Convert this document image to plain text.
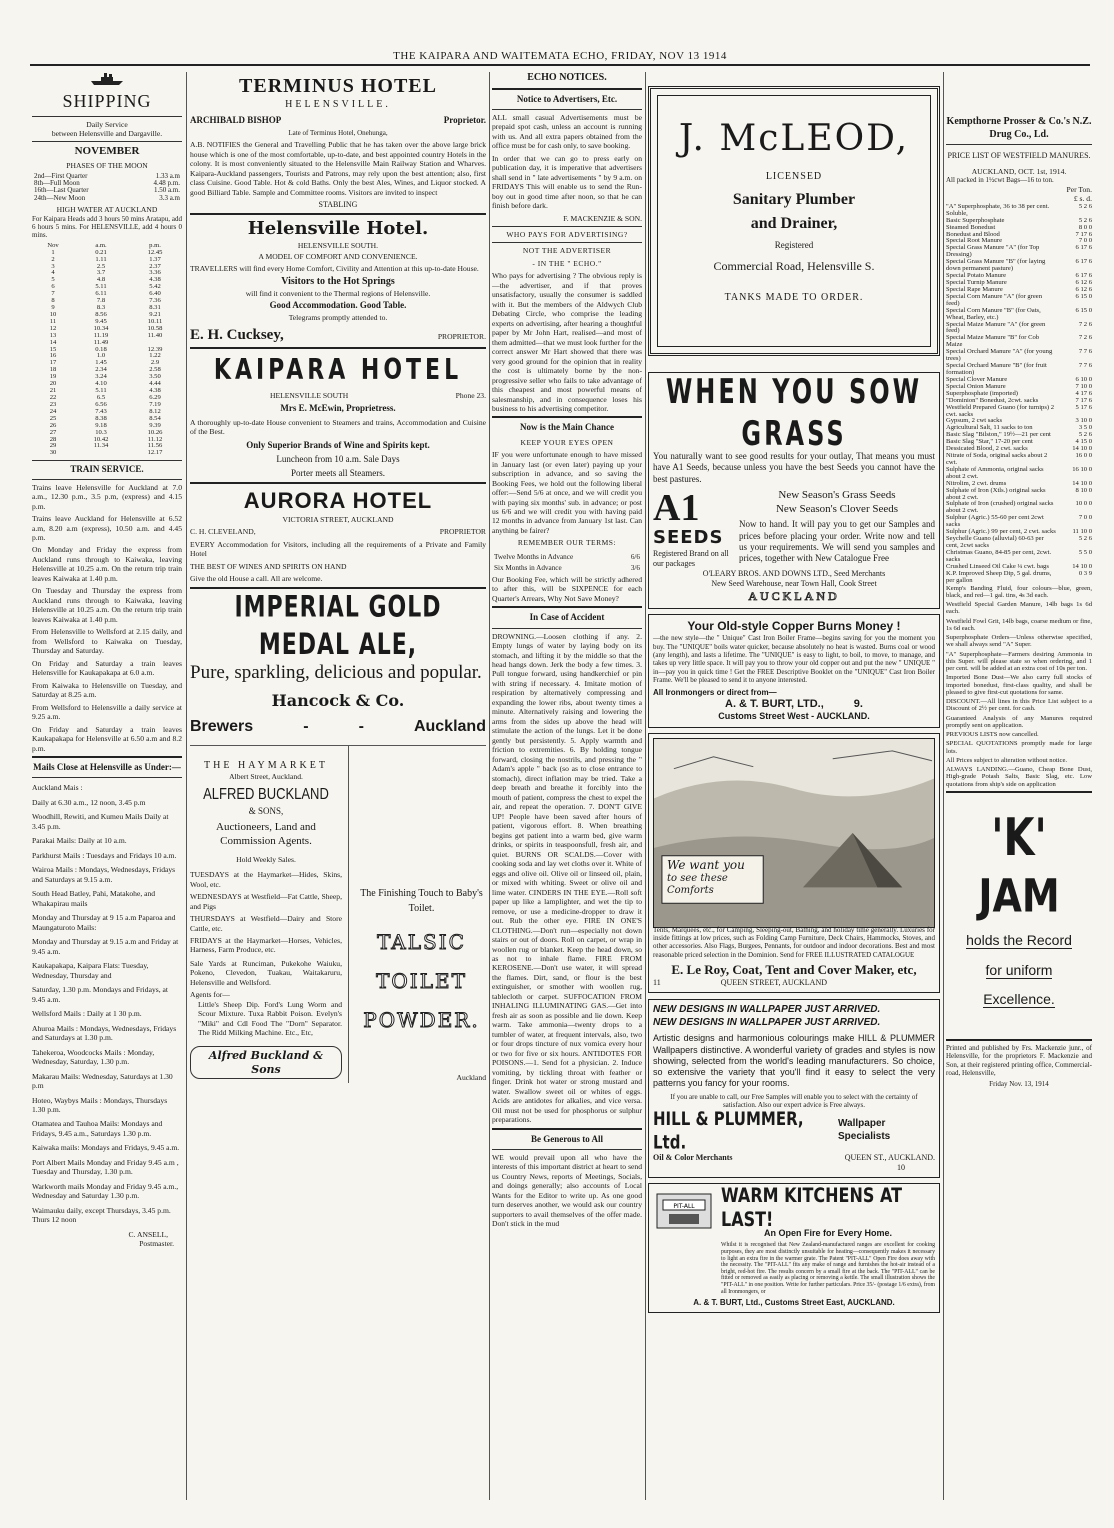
THE KAIPARA AND WAITEMATA ECHO, FRIDAY, NOV 13 1914
SHIPPING
Daily Service
between Helensville and Dargaville.
NOVEMBER
PHASES OF THE MOON
2nd—First Quarter	1.33 a.m
8th—Full Moon	4.48 p.m.
16th—Last Quarter	1.50 a.m.
24th—New Moon	3.3 a.m
HIGH WATER AT AUCKLAND

For Kaipara Heads add 3 hours 50 mins Aratapu, add 6 hours 5 mins. For HELENSVILLE, add 4 hours 0 mins.

Nov	a.m.	p.m.
1	0.21	12.45
2	1.11	1.37
3	2.5	2.37
4	3.7	3.36
5	4.8	4.38
6	5.11	5.42
7	6.11	6.40
8	7.8	7.36
9	8.3	8.31
10	8.56	9.21
11	9.45	10.11
12	10.34	10.58
13	11.19	11.40
14	11.49	
15	0.18	12.39
16	1.0	1.22
17	1.45	2.9
18	2.34	2.58
19	3.24	3.50
20	4.10	4.44
21	5.11	4.38
22	6.5	6.29
23	6.56	7.19
24	7.43	8.12
25	8.38	8.54
26	9.18	9.39
27	10.3	10.26
28	10.42	11.12
29	11.34	11.56
30		12.17
TRAIN SERVICE.

Trains leave Helensville for Auckland at 7.0 a.m., 12.30 p.m., 3.5 p.m, (express) and 4.15 p.m.

Trains leave Auckland for Helensville at 6.52 a.m, 8.20 a.m (express), 10.50 a.m. and 4.45 p.m.

On Monday and Friday the express from Auckland runs through to Kaiwaka, leaving Helensville at 10.25 a.m. On the return trip train leaves Kaiwaka at 1.40 p.m.

On Tuesday and Thursday the express from Auckland runs through to Kaiwaka, leaving Helensville at 10.25 a.m. On the return trip train leaves Kaiwaka at 1.40 p.m.

From Helensville to Wellsford at 2.15 daily, and from Wellsford to Kaiwaka on Tuesday, Thursday and Saturday.

On Friday and Saturday a train leaves Helensville for Kaukapakapa at 6.0 a.m.

From Kaiwaka to Helensville on Tuesday, and Saturday at 8.25 a.m.

From Wellsford to Helensville a daily service at 9.25 a.m.

On Friday and Saturday a train leaves Kaukapakapa for Helensville at 6.50 a.m and 8.2 p.m.

Mails Close at Helensville as Under:—
Auckland Mais :
Daily at 6.30 a.m., 12 noon, 3.45 p.m
Woodhill, Rewiti, and Kumeu Mails Daily at 3.45 p.m.
Parakai Mails: Daily at 10 a.m.
Parkhurst Mails : Tuesdays and Fridays 10 a.m.
Wairoa Mails : Mondays, Wednesdays, Fridays and Saturdays at 9.15 a.m.
South Head Batley, Pahi, Matakohe, and Whakapirau mails
Monday and Thursday at 9 15 a.m Paparoa and Maungaturoto Mails:
Monday and Thursday at 9.15 a.m and Friday at 9.45 a.m.
Kaukapakapa, Kaipara Flats: Tuesday, Wednesday, Thursday and
Saturday, 1.30 p.m. Mondays and Fridays, at 9.45 a.m.
Wellsford Mails : Daily at 1 30 p.m.
Ahuroa Mails : Mondays, Wednesdays, Fridays and Saturdays at 1.30 p.m.
Tahekeroa, Woodcocks Mails : Monday, Wednesday, Saturday, 1.30 p.m.
Makarau Mails: Wednesday, Saturdays at 1.30 p.m
Hoteo, Waybys Mails : Mondays, Thursdays 1.30 p.m.
Otamatea and Tauhoa Mails: Mondays and Fridays, 9.45 a.m., Saturdays 1.30 p.m.
Kaiwaka mails: Mondays and Fridays, 9.45 a.m.
Port Albert Mails Monday and Friday 9.45 a.m , Tuesday and Thursday, 1.30 p.m.
Warkworth mails Monday and Friday 9.45 a.m., Wednesday and Saturday 1.30 p.m.
Waimauku daily, except Thursdays, 3.45 p.m. Thurs 12 noon
C. ANSELL,
Postmaster.
TERMINUS HOTEL
HELENSVILLE.
ARCHIBALD BISHOP	Proprietor.
Late of Terminus Hotel, Onehunga,

A.B. NOTIFIES the General and Travelling Public that he has taken over the above large brick house which is one of the most comfortable, up-to-date, and best appointed country Hotels in the colony. It is most conveniently situated to the Helensville Main Railway Station and Wharves. Kaipara-Auckland passengers, Tourists and Patrons, may rely upon the best attention; also, first class Cuisine. Good Table. Hot & cold Baths. Only the best Ales, Wines, and Liquor stocked. A good Billiard Table. Sample and Committee rooms. Visitors are invited to inspect

STABLING
Helensville Hotel.
HELENSVILLE SOUTH.
A MODEL OF COMFORT AND CONVENIENCE.

TRAVELLERS will find every Home Comfort, Civility and Attention at this up-to-date House.

Visitors to the Hot Springs
will find it convenient to the Thermal regions of Helensville.
Good Accommodation. Good Table.
Telegrams promptly attended to.
E. H. Cucksey,	PROPRIETOR.
KAIPARA HOTEL
HELENSVILLE SOUTH	Phone 23.
Mrs E. McEwin, Proprietress.

A thoroughly up-to-date House convenient to Steamers and trains, Accommodation and Cuisine of the Best.

Only Superior Brands of Wine and Spirits kept.
Luncheon from 10 a.m. Sale Days
Porter meets all Steamers.
AURORA HOTEL
VICTORIA STREET, AUCKLAND
C. H. CLEVELAND,	PROPRIETOR

EVERY Accommodation for Visitors, including all the requirements of a Private and Family Hotel

THE BEST OF WINES AND SPIRITS ON HAND
Give the old House a call. All are welcome.
IMPERIAL GOLD MEDAL ALE,
Pure, sparkling, delicious and popular.
Hancock & Co.
Brewers	-	-	Auckland
THE HAYMARKET
Albert Street, Auckland.
ALFRED BUCKLAND
& SONS,
Auctioneers, Land and Commission Agents.
Hold Weekly Sales.

TUESDAYS at the Haymarket—Hides, Skins, Wool, etc.

WEDNESDAYS at Westfield—Fat Cattle, Sheep, and Pigs

THURSDAYS at Westfield—Dairy and Store Cattle, etc.

FRIDAYS at the Haymarket—Horses, Vehicles, Harness, Farm Produce, etc.

Sale Yards at Runciman, Pukekohe Waiuku, Pokeno, Clevedon, Tuakau, Waitakaruru, Helensville and Wellsford.

Agents for—

Little's Sheep Dip. Ford's Lung Worm and Scour Mixture. Tuxa Rabbit Poison. Evelyn's "Miki" and Cdl Food The "Dorn" Separator. The Ridd Milking Machine. Etc., Etc,

Alfred Buckland & Sons
The Finishing Touch to Baby's Toilet.
TALSIC
TOILET
POWDER.
Auckland
ECHO NOTICES.
Notice to Advertisers, Etc.

ALL small casual Advertisements must be prepaid spot cash, unless an account is running with us. And all extra papers obtained from the office must be for cash only, to save booking.

In order that we can go to press early on publication day, it is imperative that advertisers shall send in " late advertisements " by 9 a.m. on FRIDAYS This will enable us to send the Run-boy out in good time after noon, so that he can finish before dark.

F. MACKENZIE & SON.
WHO PAYS FOR ADVERTISING?
NOT THE ADVERTISER
- IN THE " ECHO."

Who pays for advertising ? The obvious reply is—the advertiser, and if that proves unsatisfactory, usually the consumer is saddled with it. But the members of the Aldwych Club Debating Circle, who comprise the leading experts on advertising, after hearing a thoughtful paper by Mr John Hart, realised—and most of them admitted—that we must look further for the correct answer Mr Hart showed that there was very good ground for the opinion that in reality the cost is ultimately borne by the non-progressive seller who fails to take advantage of this cheapest and most powerful means of salesmanship, and in consequence loses his business to his advertising competitor.

Now is the Main Chance
KEEP YOUR EYES OPEN

IF you were unfortunate enough to have missed in January last (or even later) paying up your subscription in advance, and so saving the Booking Fees, we hold out the following liberal offer:—Send 5/6 at once, and we will credit you with paying six months' sub. in advance; or post us 6/6 and we will credit you with having paid 12 months in advance from January 1st last. Can anything be fairer?

REMEMBER OUR TERMS:
Twelve Months in Advance	6/6
Six Months in Advance	3/6

Our Booking Fee, which will be strictly adhered to after this, will be SIXPENCE for each Quarter's Arrears, Why Not Save Money?

In Case of Accident

DROWNING.—Loosen clothing if any. 2. Empty lungs of water by laying body on its stomach, and lifting it by the middle so that the head hangs down. Jerk the body a few times. 3. Pull tongue forward, using handkerchief or pin with string if necessary. 4. Imitate motion of respiration by alternatively compressing and expanding the lower ribs, about twenty times a minute. Alternatively raising and lowering the arms from the sides up above the head will stimulate the action of the lungs. Let it be done gently but persistently. 5. Apply warmth and friction to extremities. 6. By holding tongue forward, closing the nostrils, and pressing the " Adam's apple " back (so as to close entrance to stomach), direct inflation may be tried. Take a deep breath and breathe it forcibly into the mouth of patient, compress the chest to expel the air, and repeat the operation. 7. DON'T GIVE UP! People have been saved after hours of patient, vigorous effort. 8. When breathing begins get patient into a warm bed, give warm drinks, or spirits in teaspoonsfull, fresh air, and quiet. BURNS OR SCALDS.—Cover with cooking soda and lay wet cloths over it. White of eggs and olive oil. Olive oil or linseed oil, plain, or mixed with whiting. Sweet or olive oil and lime water. CINDERS IN THE EYE.—Roll soft paper up like a lamplighter, and wet the tip to remove, or use a medicine-dropper to draw it out. Rub the other eye. FIRE IN ONE'S CLOTHING.—Don't run—especially not down stairs or out of doors. Roll on carpet, or wrap in woollen rug or blanket. Keep the head down, so as not to inhale flame. FIRE FROM KEROSENE.—Don't use water, it will spread the flames. Dirt, sand, or flour is the best extinguisher, or smother with woollen rug, tablecloth or carpet. SUFFOCATION FROM INHALING ILLUMINATING GAS.—Get into fresh air as soon as possible and lie down. Keep warm. Take ammonia—twenty drops to a tumbler of water, at frequent intervals, also, two or four drops tincture of nux vomica every hour or two for five or six hours. ANTIDOTES FOR POISONS.—1. Send fot a physician. 2. Induce vomiting, by tickling throat with feather or finger. Drink hot water or strong mustard and water. Swallow sweet oil or whites of eggs. Acids are antidotes for alkalies, and vice versa. Oil must not be used for phosphorus or sulphur preparations.

Be Generous to All

WE would prevail upon all who have the interests of this important district at heart to send us Country News, reports of Meetings, Socials, and doings generally; also accounts of Local Wants for the Editor to write up. As one good turn deserves another, we would ask our country supporters to avail themselves of the offer made. Don't stick in the mud

J. McLEOD,
LICENSED
Sanitary Plumber
and Drainer,
Registered
Commercial Road, Helensville S.
TANKS MADE TO ORDER.
WHEN YOU SOW GRASS

You naturally want to see good results for your outlay, That means you must have A1 Seeds, because unless you have the best Seeds you cannot have the best pastures.

A1
SEEDS
Registered Brand on all our packages
New Season's Grass Seeds
New Season's Clover Seeds

Now to hand. It will pay you to get our Samples and prices before placing your order. Write now and tell us your requirements. We will send you samples and prices, together with New Catalogue Free

O'LEARY BROS. AND DOWNS LTD., Seed Merchants
New Seed Warehouse, near Town Hall, Cook Street
AUCKLAND
Your Old-style Copper Burns Money !

—the new style—the " Unique" Cast Iron Boiler Frame—begins saving for you the moment you buy. The "UNIQUE" boils water quicker, because absolutely no heat is wasted. Burns coal or wood (any length), and lasts a lifetime. The "UNIQUE" is easy to light, to boil, to move, to manage, and takes up very little space. It will pay you to throw your old copper out and put the new " UNIQUE " in—pay you in quick time ! Get the FREE Descriptive Booklet on the "UNIQUE" Cast Iron Boiler Frame. We'll be pleased to send it to anyone interested.

All Ironmongers or direct from—
A. & T. BURT, LTD.,	9.
Customs Street West - AUCKLAND.
We want you
to see these Comforts

Tents, Marquees, etc., for Camping, Sleeping-out, Bathing, and holiday time generally. Luxuries for inside fittings at low prices, such as Folding Camp Furniture, Deck Chairs, Hammocks, Stoves, and other accessories. Also Flags, Burgees, Pennants, for outdoor and indoor decorations. Best and most reasonable priced selection in the Dominion. Send for FREE ILLUSTRATED CATALOGUE

E. Le Roy, Coat, Tent and Cover Maker, etc,
11	QUEEN STREET, AUCKLAND
NEW DESIGNS IN WALLPAPER JUST ARRIVED.
NEW DESIGNS IN WALLPAPER JUST ARRIVED.

Artistic designs and harmonious colourings make HILL & PLUMMER Wallpapers distinctive. A wonderful variety of grades and styles is now showing, selected from the world's leading manufacturers. So choice, so extensive the variety that you'll find it easy to select the very patterns you fancy for your rooms.

If you are unable to call, our Free Samples will enable you to select with the certainty of satisfaction. Also our expert advice is Free always.

HILL & PLUMMER, Ltd.
Wallpaper Specialists
Oil & Color Merchants	QUEEN ST., AUCKLAND.
10
PIT-ALL WARM KITCHENS AT LAST!
An Open Fire for Every Home.

Whilst it is recognised that New Zealand-manufactured ranges are excellent for cooking purposes, they are most distinctly unsuitable for heating—consequently makes it necessary to light an extra fire in the warmer grate. The Patent "PIT-ALL" Open Fire does away with the necessity. The "PIT-ALL" fits any make of range and furnishes the hot-air instead of a bright, red-hot fire. The results concern by a small fire at the back. The "PIT-ALL" can be fitted or removed as easily as placing or removing a kettle. The small illustration shows the "PIT-ALL" in one position. Write for further particulars. Price 35/- (postage 1/6 extra), from all Ironmongers, or

A. & T. BURT, Ltd., Customs Street East, AUCKLAND.
Kempthorne Prosser & Co.'s N.Z. Drug Co., Ld.
PRICE LIST OF WESTFIELD MANURES.
AUCKLAND, OCT. 1st, 1914.
All packed in 1½cwt Bags—16 to ton.
Per Ton.
£ s. d.
"A" Superphosphate, 36 to 38 per cent. Soluble,	5 2 6
Basic Superphosphate	5 2 6
Steamed Bonedust	8 0 0
Bonedust and Blood	7 17 6
Special Root Manure	7 0 0
Special Grass Manure "A" (for Top Dressing)	6 17 6
Special Grass Manure "B" (for laying down permanent pasture)	6 17 6
Special Potato Manure	6 17 6
Special Turnip Manure	6 12 6
Special Rape Manure	6 12 6
Special Corn Manure "A" (for green feed)	6 15 0
Special Corn Manure "B" (for Oats, Wheat, Barley, etc.)	6 15 0
Special Maize Manure "A" (for green feed)	7 2 6
Special Maize Manure "B" for Cob Maize	7 2 6
Special Orchard Manure "A" (for young trees)	7 7 6
Special Orchard Manure "B" (for fruit formation)	7 7 6
Special Clover Manure	6 10 0
Special Onion Manure	7 10 0
Superphosphate (imported)	4 17 6
"Dominion" Bonedust, 2cwt. sacks	7 17 6
Westfield Prepared Guano (for turnips) 2 cwt. sacks	5 17 6
Gypsum, 2 cwt sacks	3 10 0
Agricultural Salt, 11 sacks to ton	3 5 0
Basic Slag "Bilston," 19½—21 per cent	5 2 6
Basic Slag "Star," 17-20 per cent	4 15 0
Dessicated Blood, 2 cwt. sacks	14 10 0
Nitrate of Soda, original sacks about 2 cwt.	16 0 0
Sulphate of Ammonia, original sacks about 2 cwt.	16 10 0
Nitrolim, 2 cwt. drums	14 10 0
Sulphate of Iron (Xtls.) original sacks about 2 cwt.	8 10 0
Sulphate of Iron (crushed) original sacks about 2 cwt.	10 0 0
Sulphur (Agric.) 55-60 per cent 2cwt sacks	7 0 0
Sulphur (Agric.) 99 per cent, 2 cwt. sacks	11 10 0
Seychelle Guano (alluvial) 60-63 per cent, 2cwt sacks	5 2 6
Christmas Guano, 84-85 per cent, 2cwt. sacks	5 5 0
Crushed Linseed Oil Cake ¼ cwt. bags	14 10 0
K.P. Improved Sheep Dip, 5 gal. drums, per gallon	0 3 9

Kemp's Banding Fluid, four colours—blue, green, black, and red—1 gal. tins, 4s 3d each.

Westfield Special Garden Manure, 14lb bags 1s 6d each.

Westfield Fowl Grit, 14lb bags, coarse medium or fine, 1s 6d each.

Superphosphate Orders—Unless otherwise specified, we shall always send "A" Super.

"A" Superphosphate—Farmers desiring Ammonia in this Super. will please state so when ordering, and 1 per cent. will be added at an extra cost of 10s per ton.

Imported Bone Dust—We also carry full stocks of imported bonedust, first-class quality, and shall be pleased to give first-cut quotations for same.

DISCOUNT.—All lines in this Price List subject to a Discount of 2½ per cent. for cash.

Guaranteed Analysis of any Manures required promptly sent on application.

PREVIOUS LISTS now cancelled.

SPECIAL QUOTATIONS promptly made for large lots.

All Prices subject to alteration without notice.

ALWAYS LANDING.—Guano, Cheap Bone Dust, High-grade Potash Salts, Basic Slag, etc. Low quotations from ship's side on application

'K'
JAM
holds the Record
for uniform
Excellence.

Printed and published by Frs. Mackenzie junr., of Helensville, for the proprietors F. Mackenzie and Son, at their registered printing office, Commercial-road, Helensville,

Friday Nov. 13, 1914
